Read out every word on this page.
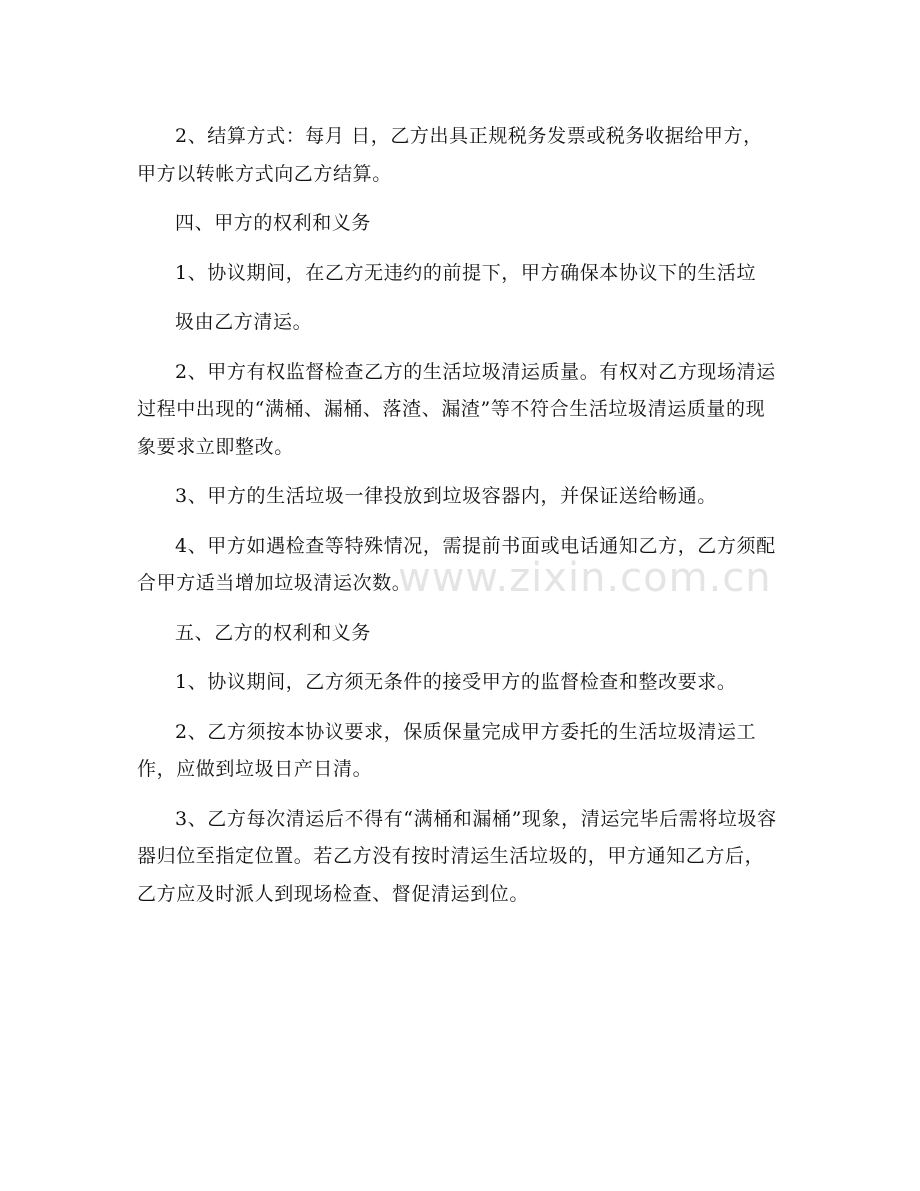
2、结算方式：每月 日，乙方出具正规税务发票或税务收据给甲方，甲方以转帐方式向乙方结算。

四、甲方的权利和义务

1、协议期间，在乙方无违约的前提下，甲方确保本协议下的生活垃

圾由乙方清运。

2、甲方有权监督检查乙方的生活垃圾清运质量。有权对乙方现场清运过程中出现的“满桶、漏桶、落渣、漏渣”等不符合生活垃圾清运质量的现象要求立即整改。

3、甲方的生活垃圾一律投放到垃圾容器内，并保证送给畅通。

4、甲方如遇检查等特殊情况，需提前书面或电话通知乙方，乙方须配合甲方适当增加垃圾清运次数。

五、乙方的权利和义务

1、协议期间，乙方须无条件的接受甲方的监督检查和整改要求。

2、乙方须按本协议要求，保质保量完成甲方委托的生活垃圾清运工作，应做到垃圾日产日清。

3、乙方每次清运后不得有“满桶和漏桶”现象，清运完毕后需将垃圾容器归位至指定位置。若乙方没有按时清运生活垃圾的，甲方通知乙方后，乙方应及时派人到现场检查、督促清运到位。

www.zixin.com.cn
